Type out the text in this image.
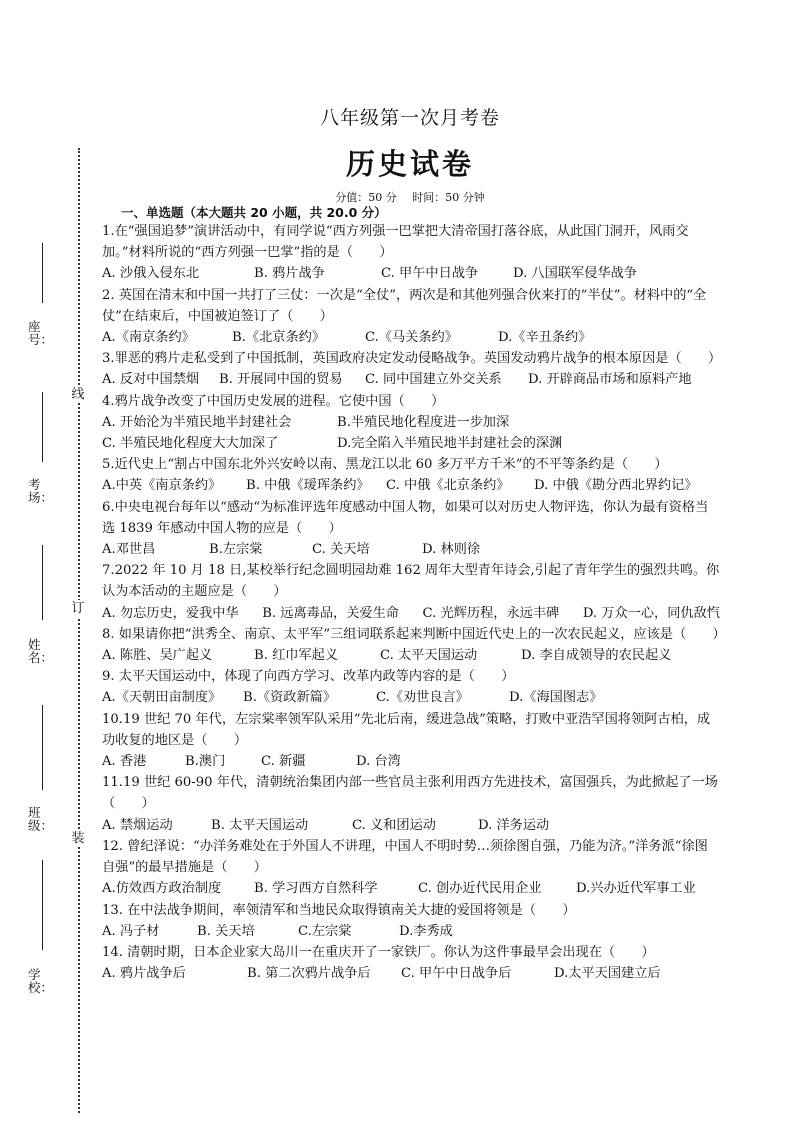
座号：
考场：
姓名：
班级：
学校：
线
订
装
八年级第一次月考卷
历史试卷
分值：50 分 时间：50 分钟
一、单选题（本大题共 20 小题，共 20.0 分）
1.在“强国追梦”演讲活动中，有同学说“西方列强一巴掌把大清帝国打落谷底，从此国门洞开，风雨交加。”材料所说的“西方列强一巴掌”指的是（　　）
A. 沙俄入侵东北	B. 鸦片战争	C. 甲午中日战争	D. 八国联军侵华战争
2. 英国在清末和中国一共打了三仗：一次是“全仗”，两次是和其他列强合伙来打的“半仗”。材料中的“全仗”在结束后，中国被迫签订了（　　）
A.《南京条约》	B.《北京条约》	C.《马关条约》	D.《辛丑条约》
3.罪恶的鸦片走私受到了中国抵制，英国政府决定发动侵略战争。英国发动鸦片战争的根本原因是（　　）
A. 反对中国禁烟	B. 开展同中国的贸易	C. 同中国建立外交关系	D. 开辟商品市场和原料产地
4.鸦片战争改变了中国历史发展的进程。它使中国（　　）
A. 开始沦为半殖民地半封建社会	B.半殖民地化程度进一步加深
C. 半殖民地化程度大大加深了	D.完全陷入半殖民地半封建社会的深渊
5.近代史上“割占中国东北外兴安岭以南、黑龙江以北 60 多万平方千米”的不平等条约是（　　）
A.中英《南京条约》	B. 中俄《瑷珲条约》	C. 中俄《北京条约》	D. 中俄《勘分西北界约记》
6.中央电视台每年以“感动“为标准评选年度感动中国人物，如果可以对历史人物评选，你认为最有资格当选 1839 年感动中国人物的应是（　　）
A.邓世昌	B.左宗棠	C. 关天培	D. 林则徐
7.2022 年 10 月 18 日,某校举行纪念圆明园劫难 162 周年大型青年诗会,引起了青年学生的强烈共鸣。你认为本活动的主题应是（　　）
A. 勿忘历史，爱我中华 B. 远离毒品，关爱生命 C. 光辉历程，永远丰碑 D. 万众一心，同仇敌忾
8. 如果请你把“洪秀全、南京、太平军”三组词联系起来判断中国近代史上的一次农民起义，应该是（　　）
A. 陈胜、吴广起义	B. 红巾军起义	C. 太平天国运动	D. 李自成领导的农民起义
9. 太平天国运动中，体现了向西方学习、改革内政等内容的是（　　）
A.《天朝田亩制度》	B.《资政新篇》	C.《劝世良言》	D.《海国图志》
10.19 世纪 70 年代，左宗棠率领军队采用“先北后南，缓进急战”策略，打败中亚浩罕国将领阿古柏，成功收复的地区是（　　）
A. 香港	B.澳门	C. 新疆	D. 台湾
11.19 世纪 60-90 年代，清朝统治集团内部一些官员主张利用西方先进技术，富国强兵，为此掀起了一场（　　）
A. 禁烟运动	B. 太平天国运动	C. 义和团运动	D. 洋务运动
12. 曾纪泽说：“办洋务难处在于外国人不讲理，中国人不明时势…须徐图自强，乃能为济。”洋务派“徐图自强”的最早措施是（　　）
A.仿效西方政治制度	B. 学习西方自然科学	C. 创办近代民用企业	D.兴办近代军事工业
13. 在中法战争期间，率领清军和当地民众取得镇南关大捷的爱国将领是（　　）
A. 冯子材	B. 关天培	C.左宗棠	D.李秀成
14. 清朝时期，日本企业家大岛川一在重庆开了一家铁厂。你认为这件事最早会出现在（　　）
A. 鸦片战争后	B. 第二次鸦片战争后	C. 甲午中日战争后	D.太平天国建立后
